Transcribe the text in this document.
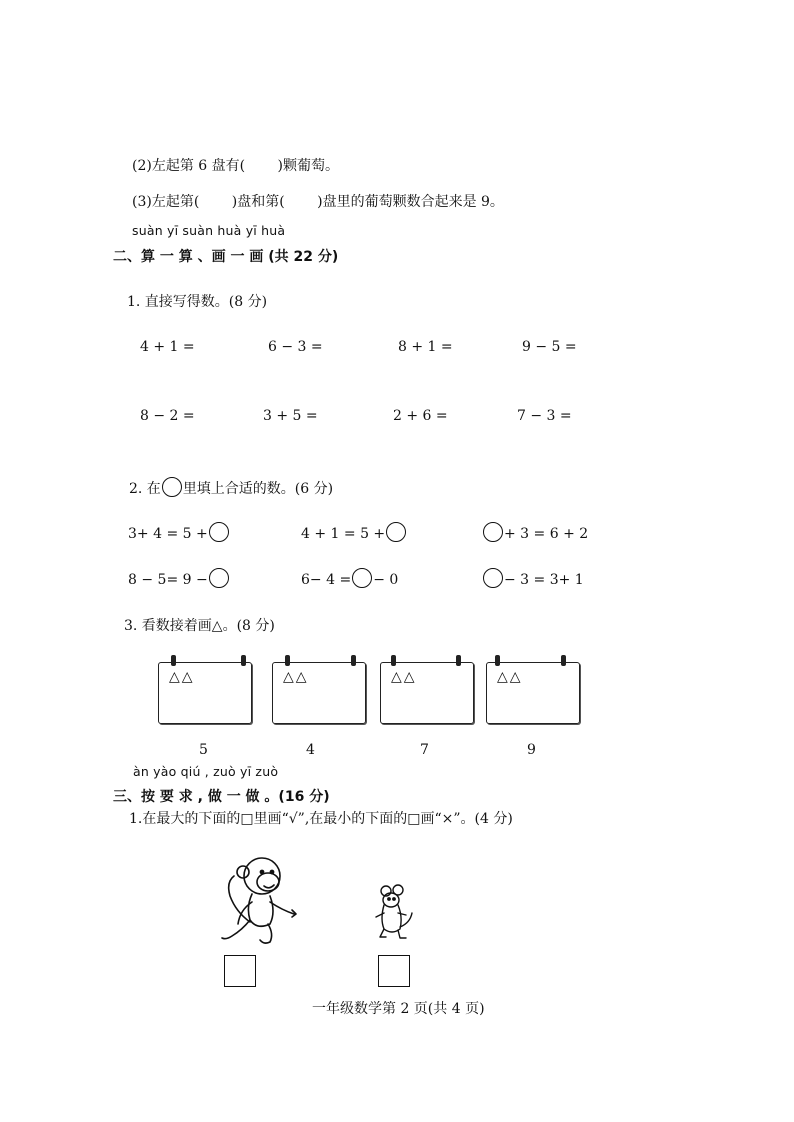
(2)左起第 6 盘有(　　 )颗葡萄。
(3)左起第(　　 )盘和第(　　 )盘里的葡萄颗数合起来是 9。
suàn yī suàn huà yī huà
二、算 一 算 、画 一 画 (共 22 分)
1. 直接写得数。(8 分)
4 + 1 =	6 − 3 =	8 + 1 =	9 − 5 =
8 − 2 =	3 + 5 =	2 + 6 =	7 − 3 =
2. 在 里填上合适的数。(6 分)
3+ 4 = 5 +	4 + 1 = 5 +	+ 3 = 6 + 2
8 − 5= 9 −	6− 4 = − 0	− 3 = 3+ 1
3. 看数接着画△。(8 分)
△△	△△	△△	△△
5	4	7	9
àn yào qiú , zuò yī zuò
三、按 要 求 , 做 一 做 。(16 分)
1.在最大的下面的□里画“√”,在最小的下面的□画“×”。(4 分)
一年级数学第 2 页(共 4 页)
